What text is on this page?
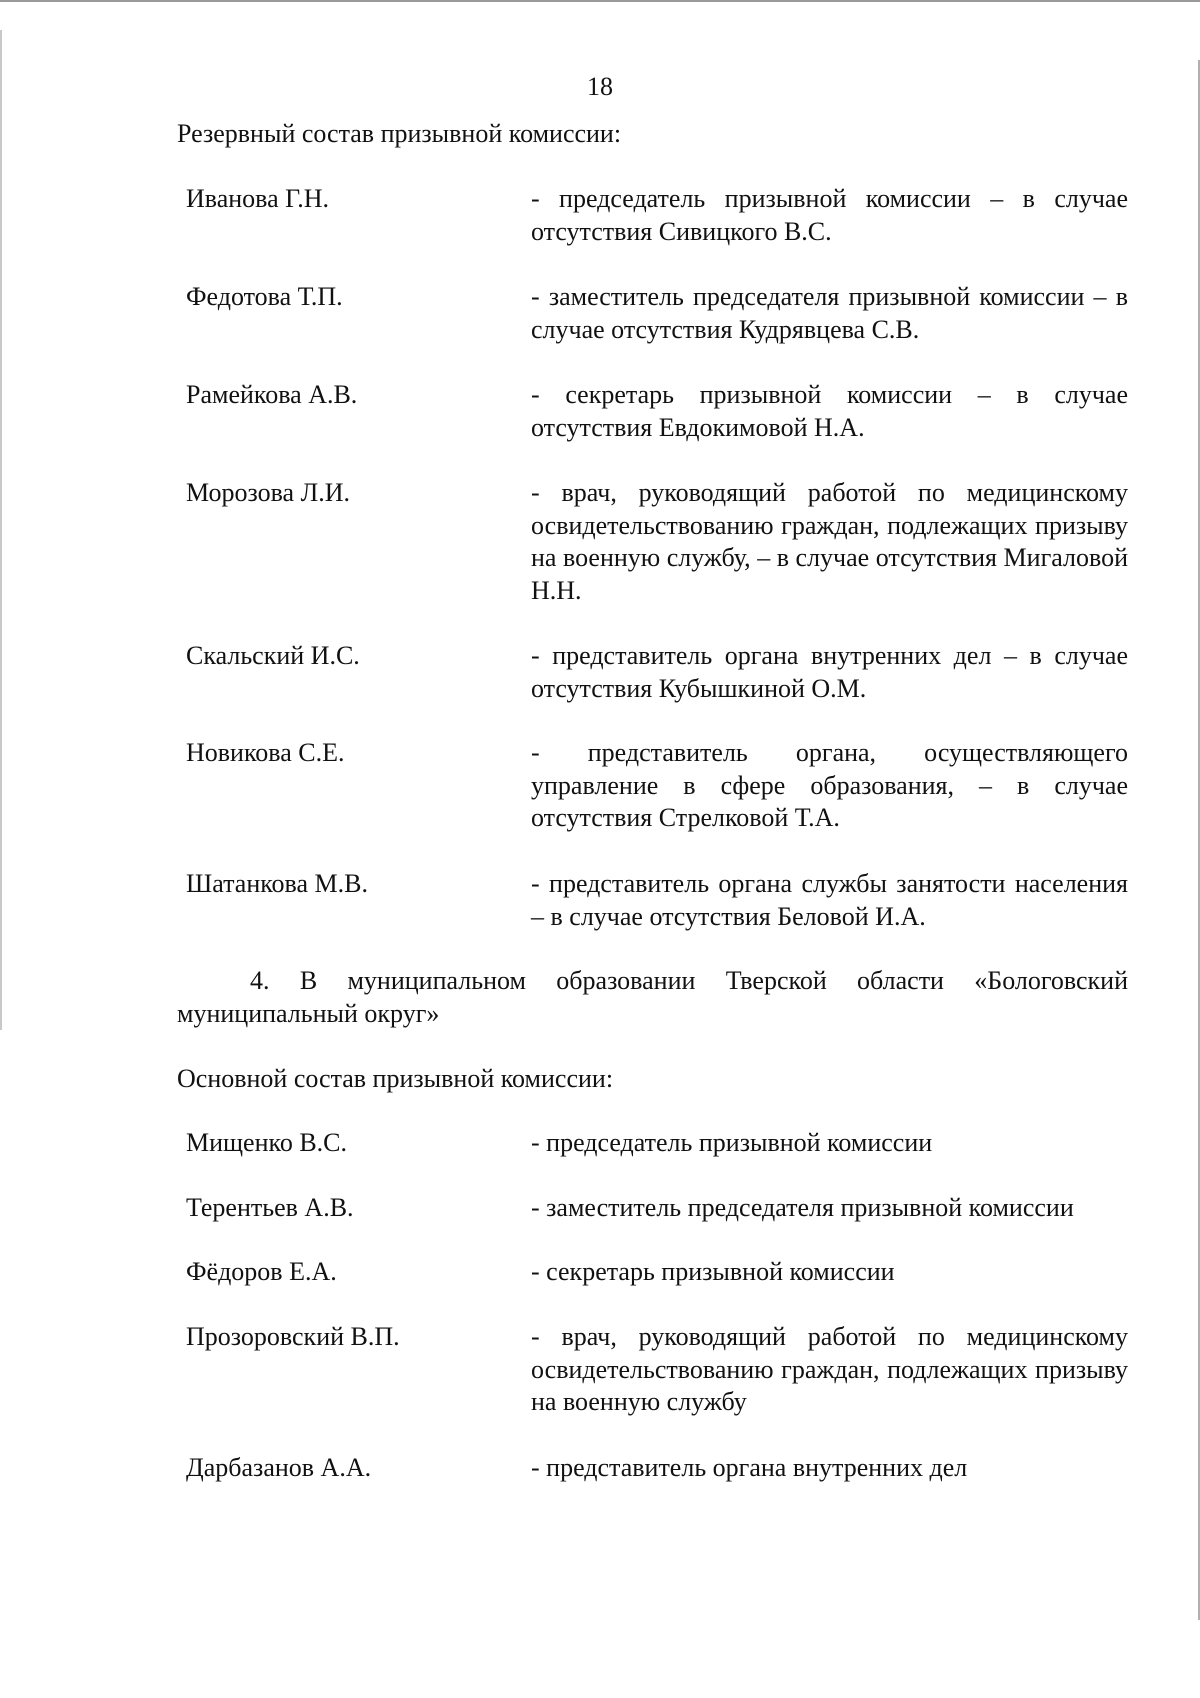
18
Резервный состав призывной комиссии:
Иванова Г.Н.	- председатель призывной комиссии – в случае отсутствия Сивицкого В.С.
Федотова Т.П.	- заместитель председателя призывной комиссии – в случае отсутствия Кудрявцева С.В.
Рамейкова А.В.	- секретарь призывной комиссии – в случае отсутствия Евдокимовой Н.А.
Морозова Л.И.	- врач, руководящий работой по медицинскому освидетельствованию граждан, подлежащих призыву на военную службу, – в случае отсутствия Мигаловой Н.Н.
Скальский И.С.	- представитель органа внутренних дел – в случае отсутствия Кубышкиной О.М.
Новикова С.Е.	- представитель органа, осуществляющего управление в сфере образования, – в случае отсутствия Стрелковой Т.А.
Шатанкова М.В.	- представитель органа службы занятости населения – в случае отсутствия Беловой И.А.
4. В муниципальном образовании Тверской области «Бологовский муниципальный округ»
Основной состав призывной комиссии:
Мищенко В.С.	- председатель призывной комиссии
Терентьев А.В.	- заместитель председателя призывной комиссии
Фёдоров Е.А.	- секретарь призывной комиссии
Прозоровский В.П.	- врач, руководящий работой по медицинскому освидетельствованию граждан, подлежащих призыву на военную службу
Дарбазанов А.А.	- представитель органа внутренних дел
